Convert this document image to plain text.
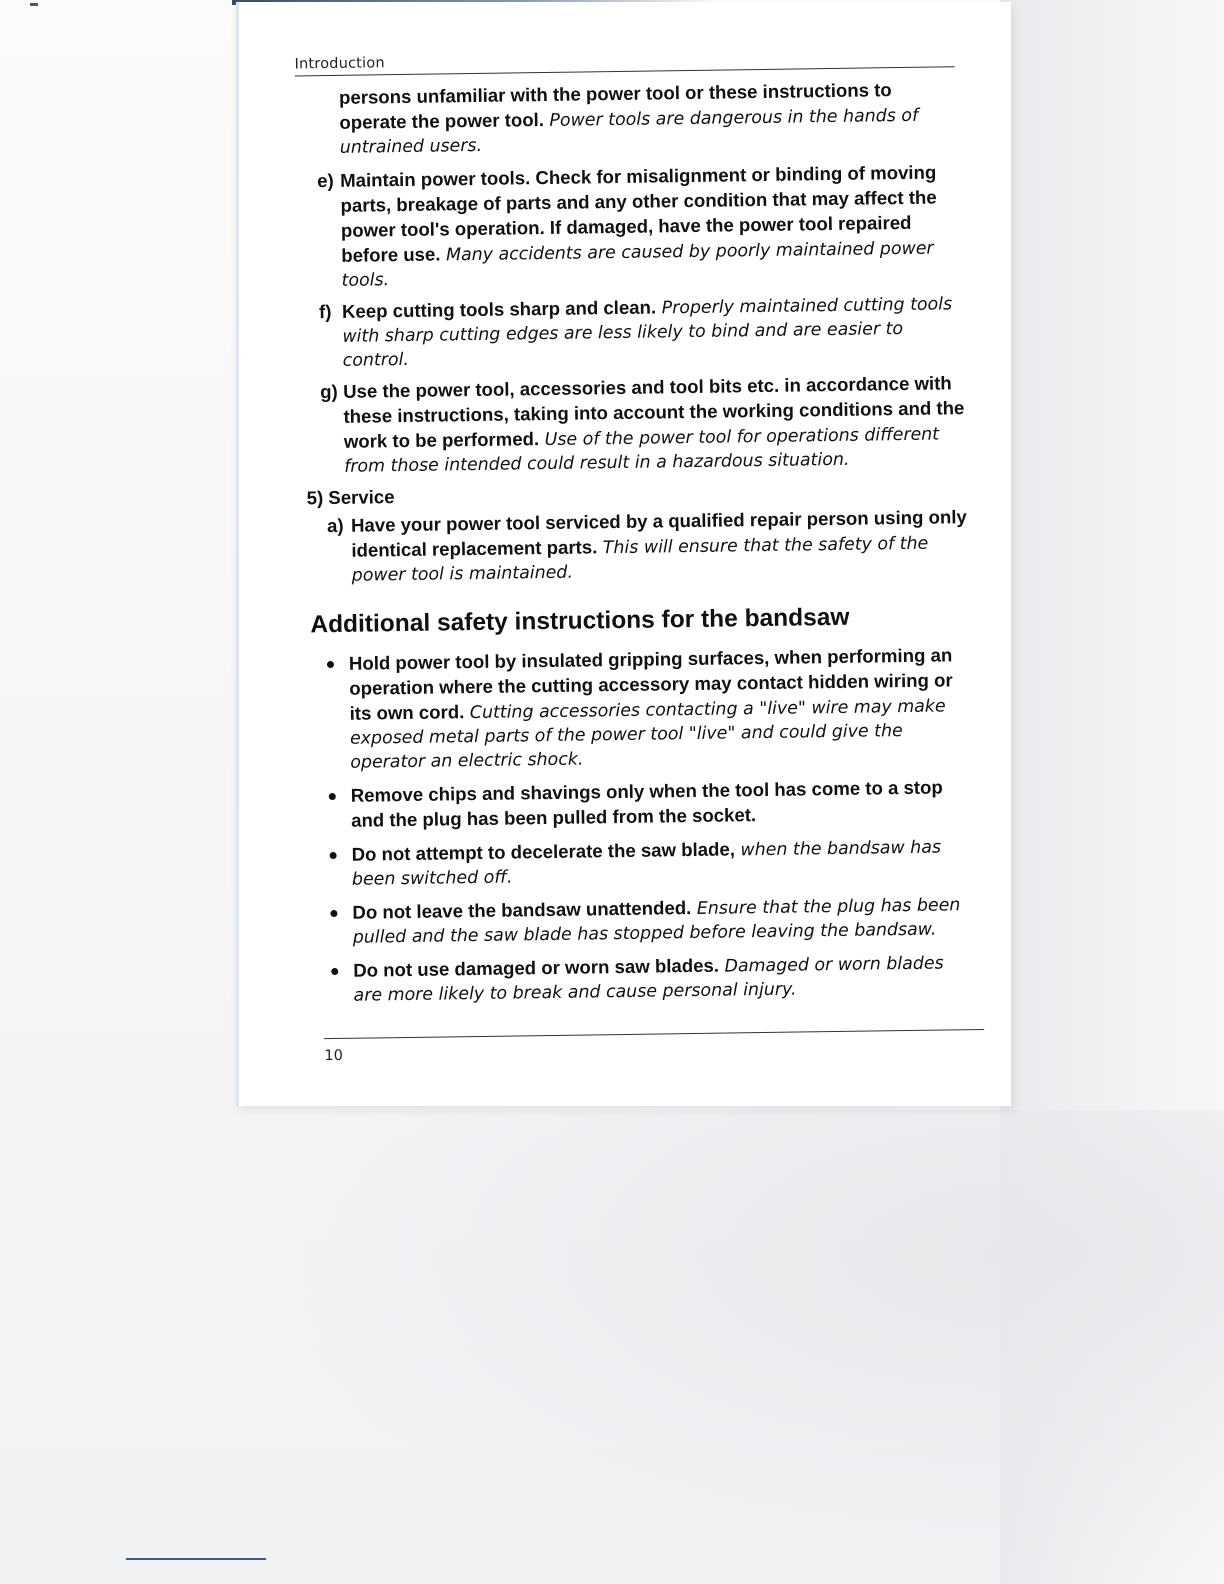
Introduction
persons unfamiliar with the power tool or these instructions to operate the power tool. Power tools are dangerous in the hands of untrained users.
e) Maintain power tools. Check for misalignment or binding of moving parts, breakage of parts and any other condition that may affect the power tool's operation. If damaged, have the power tool repaired before use. Many accidents are caused by poorly maintained power tools.
f) Keep cutting tools sharp and clean. Properly maintained cutting tools with sharp cutting edges are less likely to bind and are easier to control.
g) Use the power tool, accessories and tool bits etc. in accordance with these instructions, taking into account the working conditions and the work to be performed. Use of the power tool for operations different from those intended could result in a hazardous situation.
5) Service
a) Have your power tool serviced by a qualified repair person using only identical replacement parts. This will ensure that the safety of the power tool is maintained.
Additional safety instructions for the bandsaw
Hold power tool by insulated gripping surfaces, when performing an operation where the cutting accessory may contact hidden wiring or its own cord. Cutting accessories contacting a "live" wire may make exposed metal parts of the power tool "live" and could give the operator an electric shock.
Remove chips and shavings only when the tool has come to a stop and the plug has been pulled from the socket.
Do not attempt to decelerate the saw blade, when the bandsaw has been switched off.
Do not leave the bandsaw unattended. Ensure that the plug has been pulled and the saw blade has stopped before leaving the bandsaw.
Do not use damaged or worn saw blades. Damaged or worn blades are more likely to break and cause personal injury.
10
